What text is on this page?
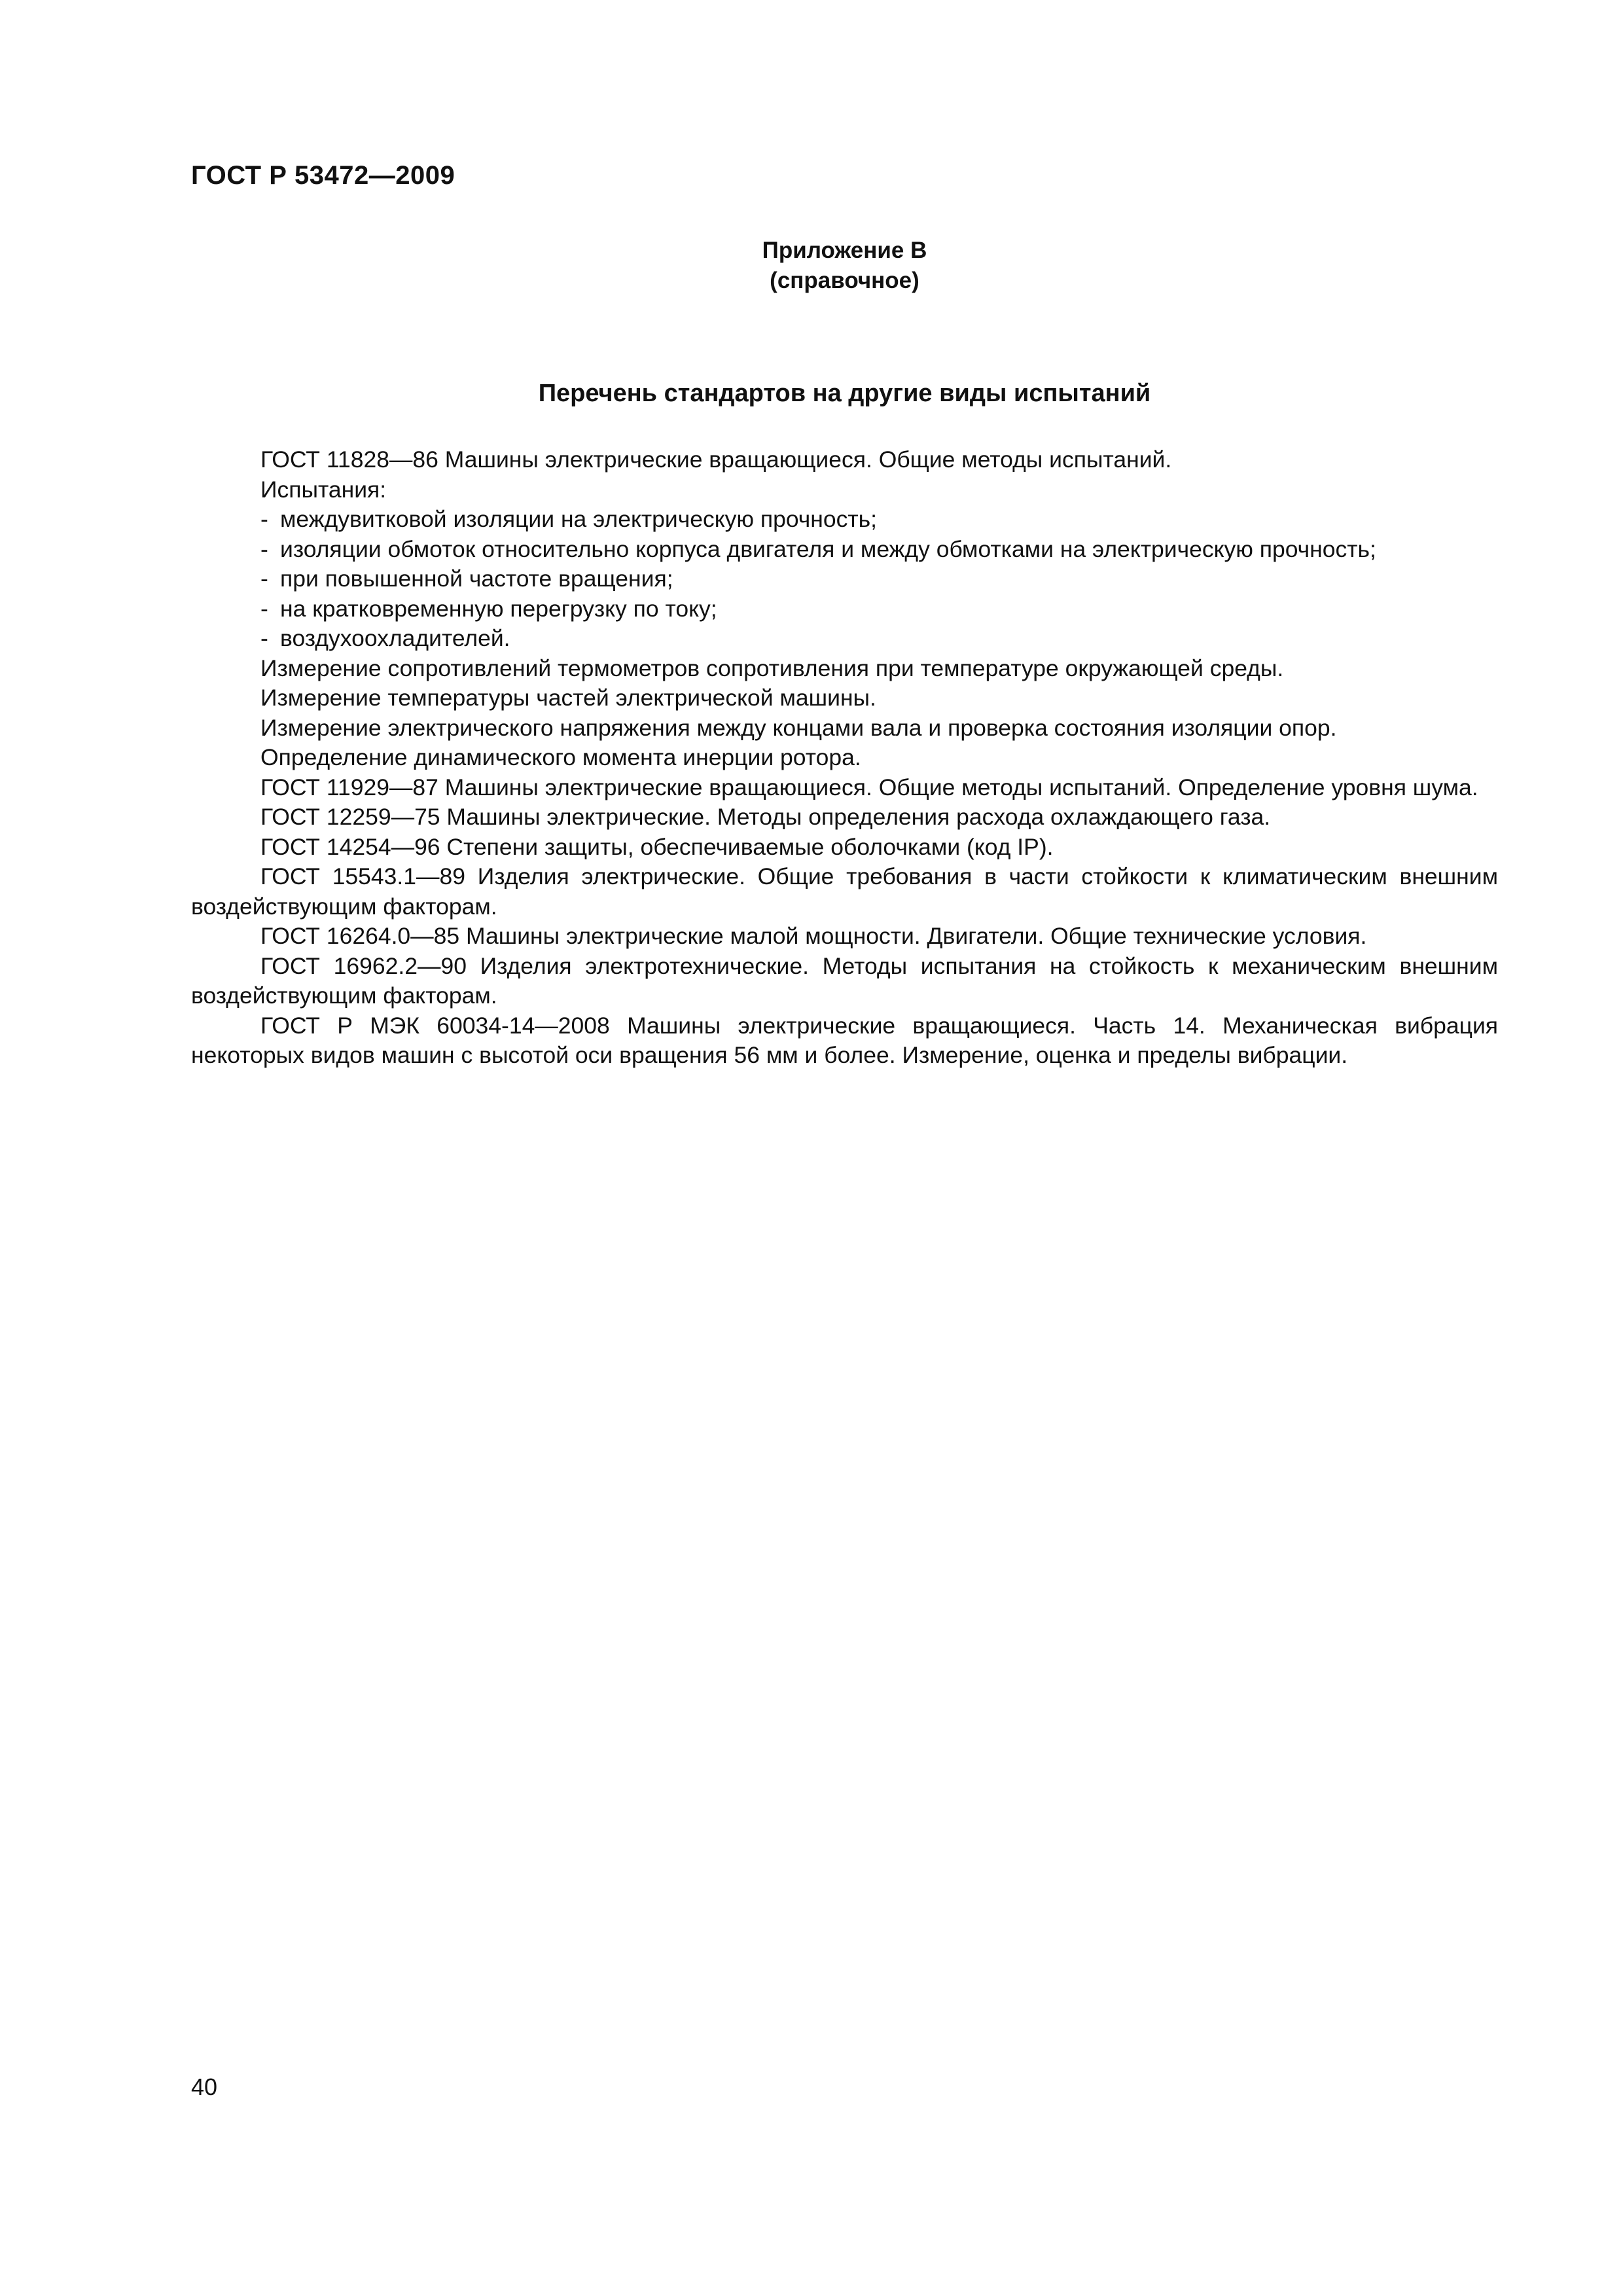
ГОСТ Р 53472—2009
Приложение В
(справочное)
Перечень стандартов на другие виды испытаний

ГОСТ 11828—86 Машины электрические вращающиеся. Общие методы испытаний.

Испытания:

- междувитковой изоляции на электрическую прочность;
- изоляции обмоток относительно корпуса двигателя и между обмотками на электрическую прочность;
- при повышенной частоте вращения;
- на кратковременную перегрузку по току;
- воздухоохладителей.

Измерение сопротивлений термометров сопротивления при температуре окружающей среды.

Измерение температуры частей электрической машины.

Измерение электрического напряжения между концами вала и проверка состояния изоляции опор.

Определение динамического момента инерции ротора.

ГОСТ 11929—87 Машины электрические вращающиеся. Общие методы испытаний. Определение уровня шума.

ГОСТ 12259—75 Машины электрические. Методы определения расхода охлаждающего газа.

ГОСТ 14254—96 Степени защиты, обеспечиваемые оболочками (код IP).

ГОСТ 15543.1—89 Изделия электрические. Общие требования в части стойкости к климатическим внешним воздействующим факторам.

ГОСТ 16264.0—85 Машины электрические малой мощности. Двигатели. Общие технические условия.

ГОСТ 16962.2—90 Изделия электротехнические. Методы испытания на стойкость к механическим внешним воздействующим факторам.

ГОСТ Р МЭК 60034-14—2008 Машины электрические вращающиеся. Часть 14. Механическая вибрация некоторых видов машин с высотой оси вращения 56 мм и более. Измерение, оценка и пределы вибрации.

40
